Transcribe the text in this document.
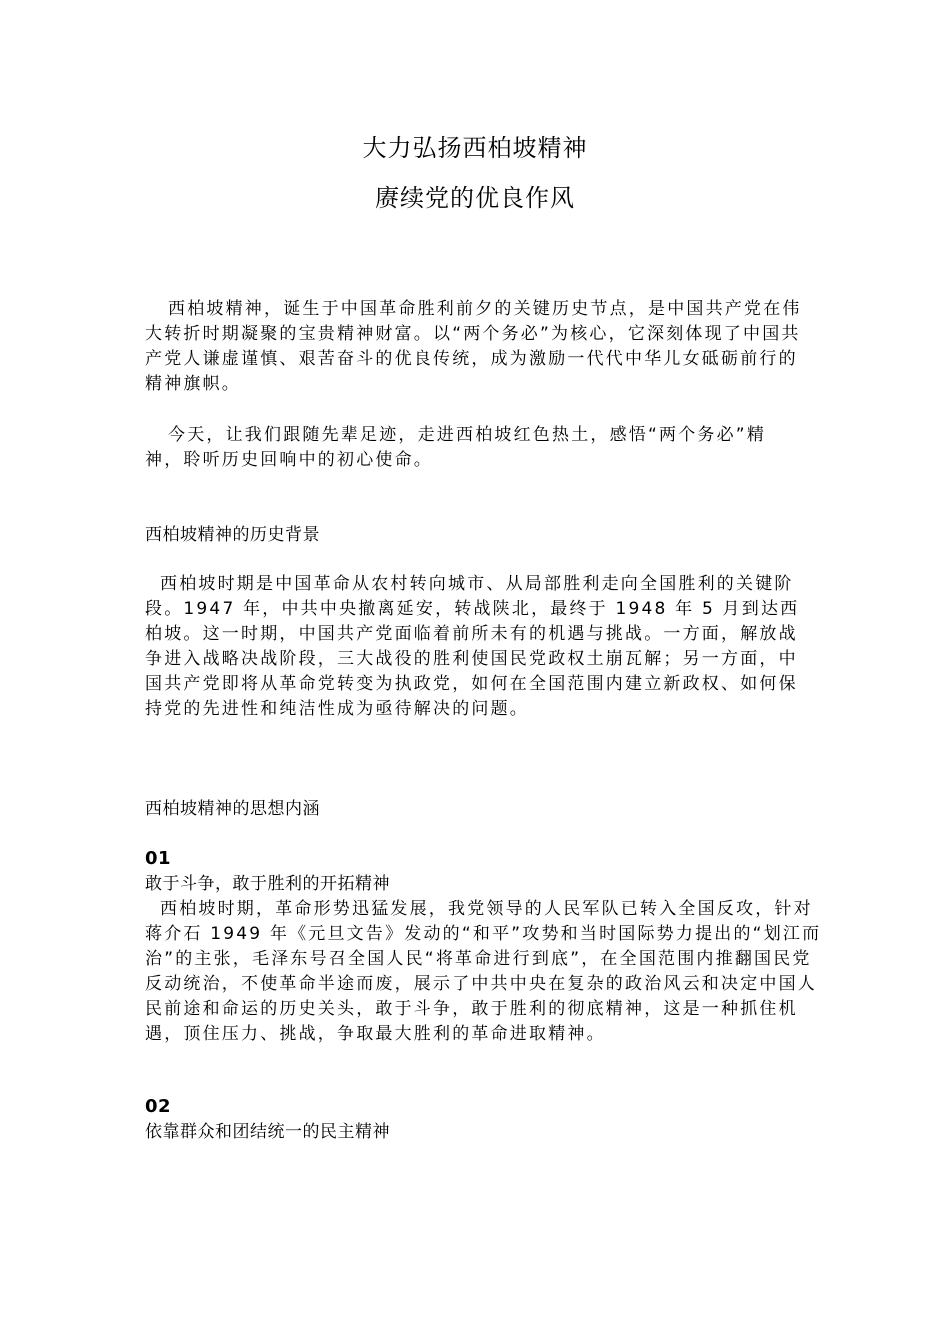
大力弘扬西柏坡精神
赓续党的优良作风

西柏坡精神，诞生于中国革命胜利前夕的关键历史节点，是中国共产党在伟大转折时期凝聚的宝贵精神财富。以“两个务必”为核心，它深刻体现了中国共产党人谦虚谨慎、艰苦奋斗的优良传统，成为激励一代代中华儿女砥砺前行的精神旗帜。

今天，让我们跟随先辈足迹，走进西柏坡红色热土，感悟“两个务必”精神，聆听历史回响中的初心使命。

西柏坡精神的历史背景

西柏坡时期是中国革命从农村转向城市、从局部胜利走向全国胜利的关键阶段。1947 年，中共中央撤离延安，转战陕北，最终于 1948 年 5 月到达西柏坡。这一时期，中国共产党面临着前所未有的机遇与挑战。一方面，解放战争进入战略决战阶段，三大战役的胜利使国民党政权土崩瓦解；另一方面，中国共产党即将从革命党转变为执政党，如何在全国范围内建立新政权、如何保持党的先进性和纯洁性成为亟待解决的问题。

西柏坡精神的思想内涵
01
敢于斗争，敢于胜利的开拓精神

西柏坡时期，革命形势迅猛发展，我党领导的人民军队已转入全国反攻，针对蒋介石 1949 年《元旦文告》发动的“和平”攻势和当时国际势力提出的“划江而治”的主张，毛泽东号召全国人民“将革命进行到底”，在全国范围内推翻国民党反动统治，不使革命半途而废，展示了中共中央在复杂的政治风云和决定中国人民前途和命运的历史关头，敢于斗争，敢于胜利的彻底精神，这是一种抓住机遇，顶住压力、挑战，争取最大胜利的革命进取精神。

02
依靠群众和团结统一的民主精神
